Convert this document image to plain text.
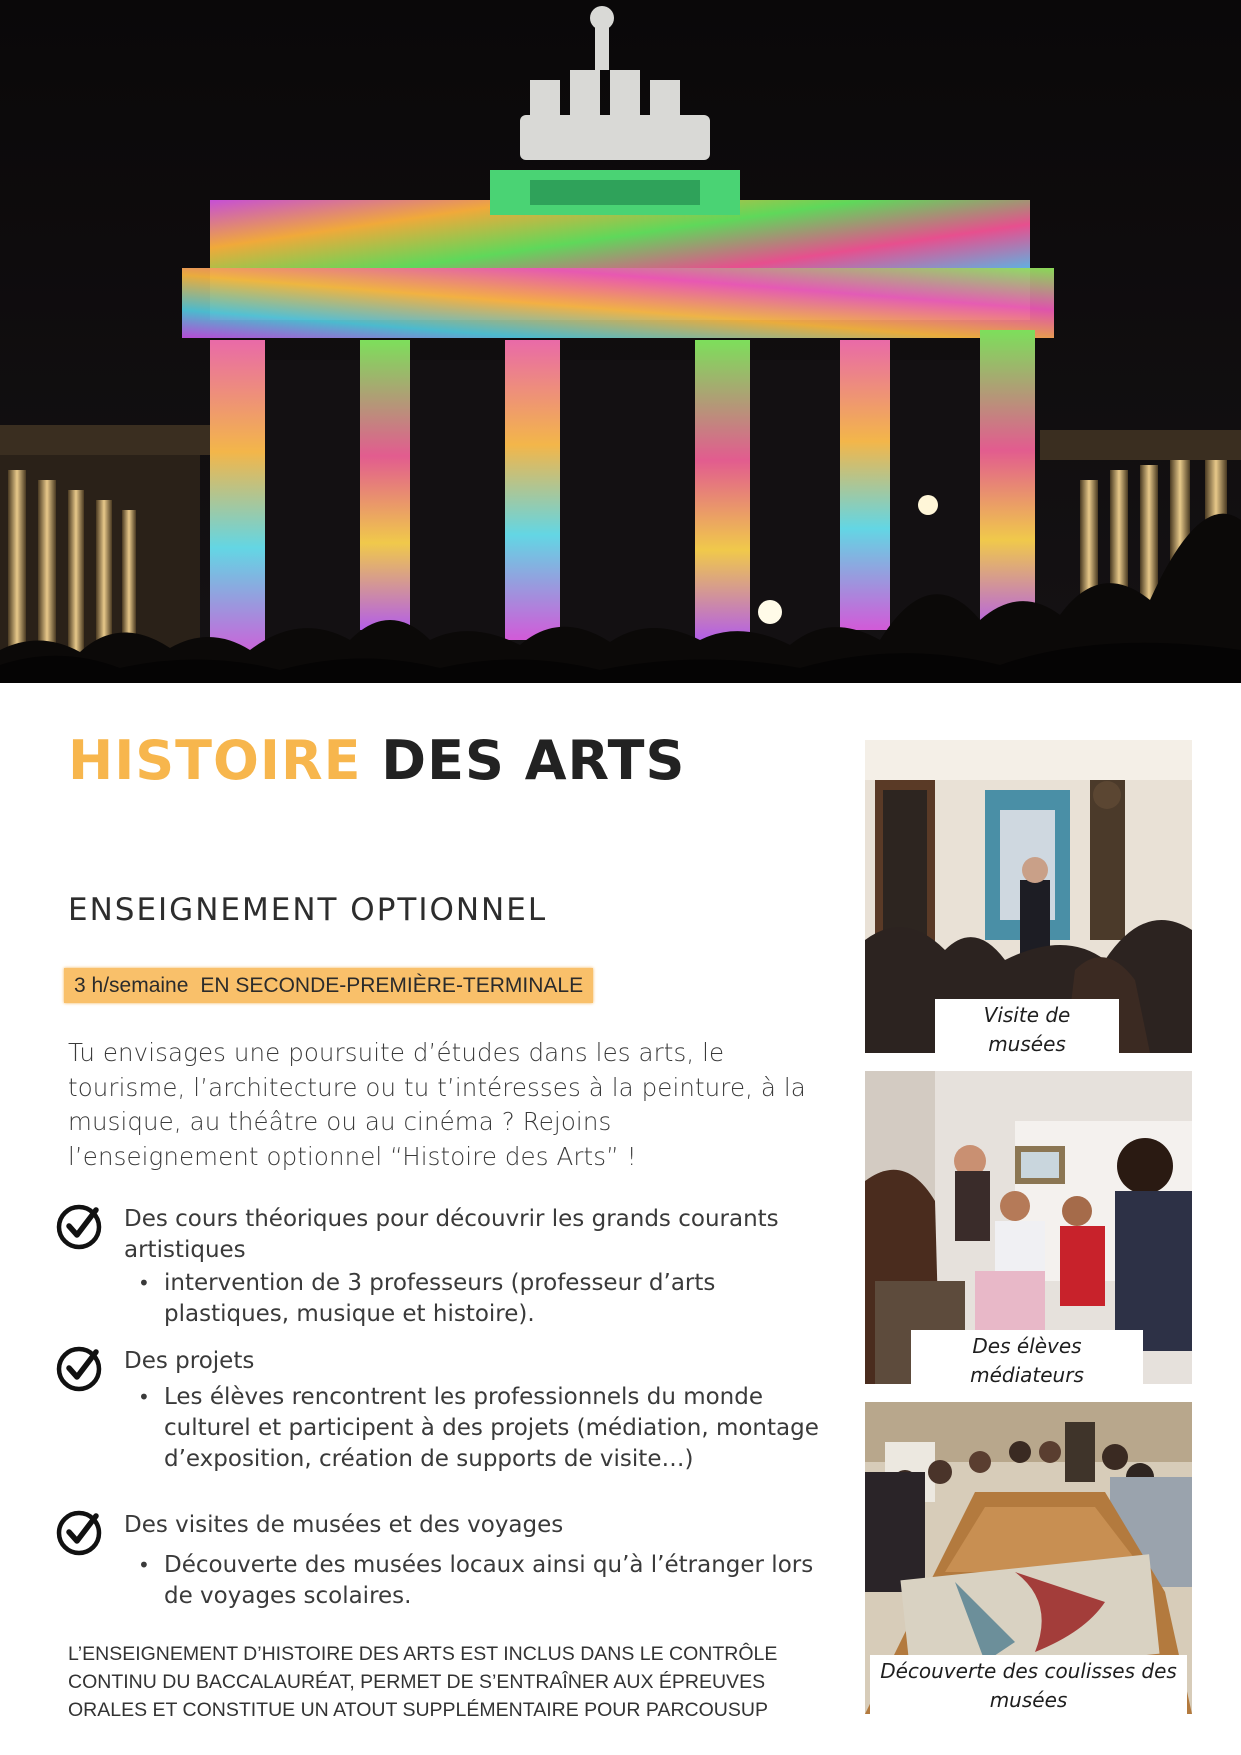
HISTOIRE DES ARTS
ENSEIGNEMENT OPTIONNEL
3 h/semaine EN SECONDE-PREMIÈRE-TERMINALE

Tu envisages une poursuite d’études dans les arts, le tourisme, l’architecture ou tu t’intéresses à la peinture, à la musique, au théâtre ou au cinéma ? Rejoins l’enseignement optionnel “Histoire des Arts” !

Des cours théoriques pour découvrir les grands courants artistiques
• intervention de 3 professeurs (professeur d’arts plastiques, musique et histoire).
Des projets
• Les élèves rencontrent les professionnels du monde culturel et participent à des projets (médiation, montage d’exposition, création de supports de visite…)
Des visites de musées et des voyages
• Découverte des musées locaux ainsi qu’à l’étranger lors de voyages scolaires.

L’ENSEIGNEMENT D’HISTOIRE DES ARTS EST INCLUS DANS LE CONTRÔLE CONTINU DU BACCALAURÉAT, PERMET DE S’ENTRAÎNER AUX ÉPREUVES ORALES ET CONSTITUE UN ATOUT SUPPLÉMENTAIRE POUR PARCOUSUP

Visite de musées
Des élèves médiateurs
Découverte des coulisses des musées
